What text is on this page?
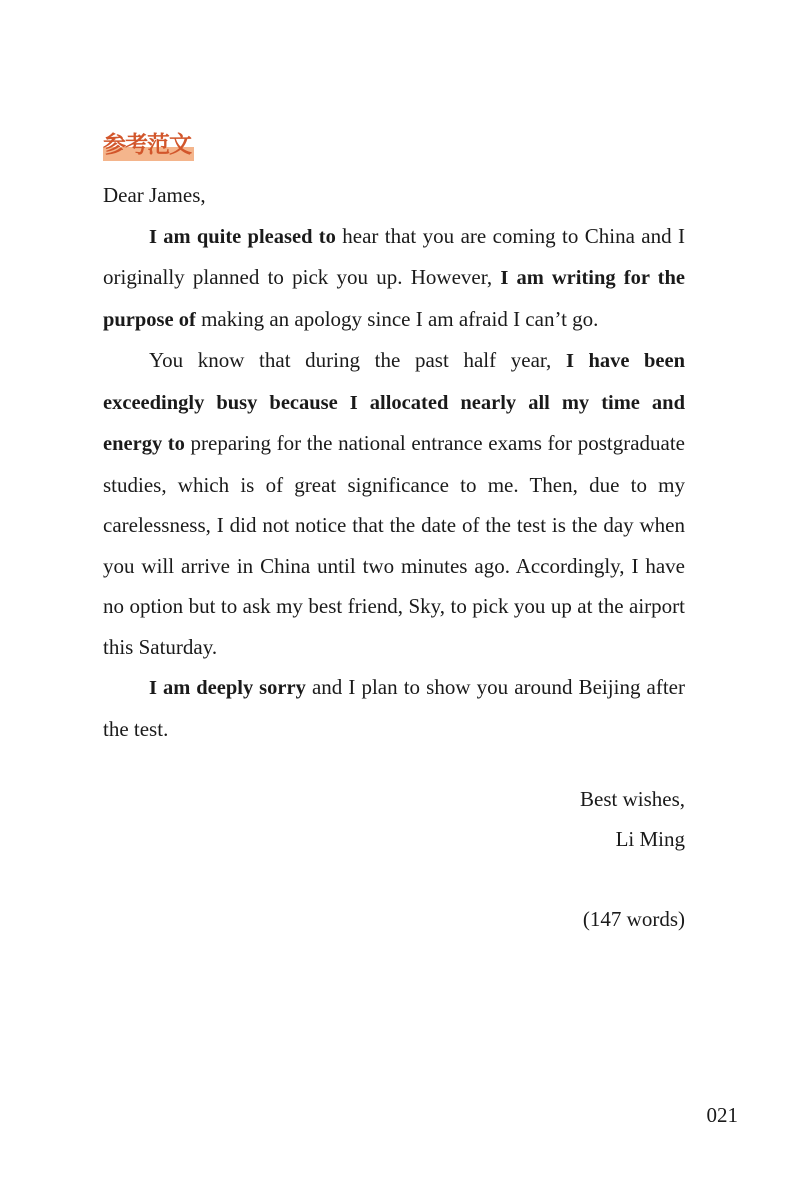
参考范文

Dear James,

I am quite pleased to hear that you are coming to China and I originally planned to pick you up. However, I am writing for the purpose of making an apology since I am afraid I can’t go.

You know that during the past half year, I have been exceedingly busy because I allocated nearly all my time and energy to preparing for the national entrance exams for postgraduate studies, which is of great significance to me. Then, due to my carelessness, I did not notice that the date of the test is the day when you will arrive in China until two minutes ago. Accordingly, I have no option but to ask my best friend, Sky, to pick you up at the airport this Saturday.

I am deeply sorry and I plan to show you around Beijing after the test.

Best wishes,
Li Ming
(147 words)
021
